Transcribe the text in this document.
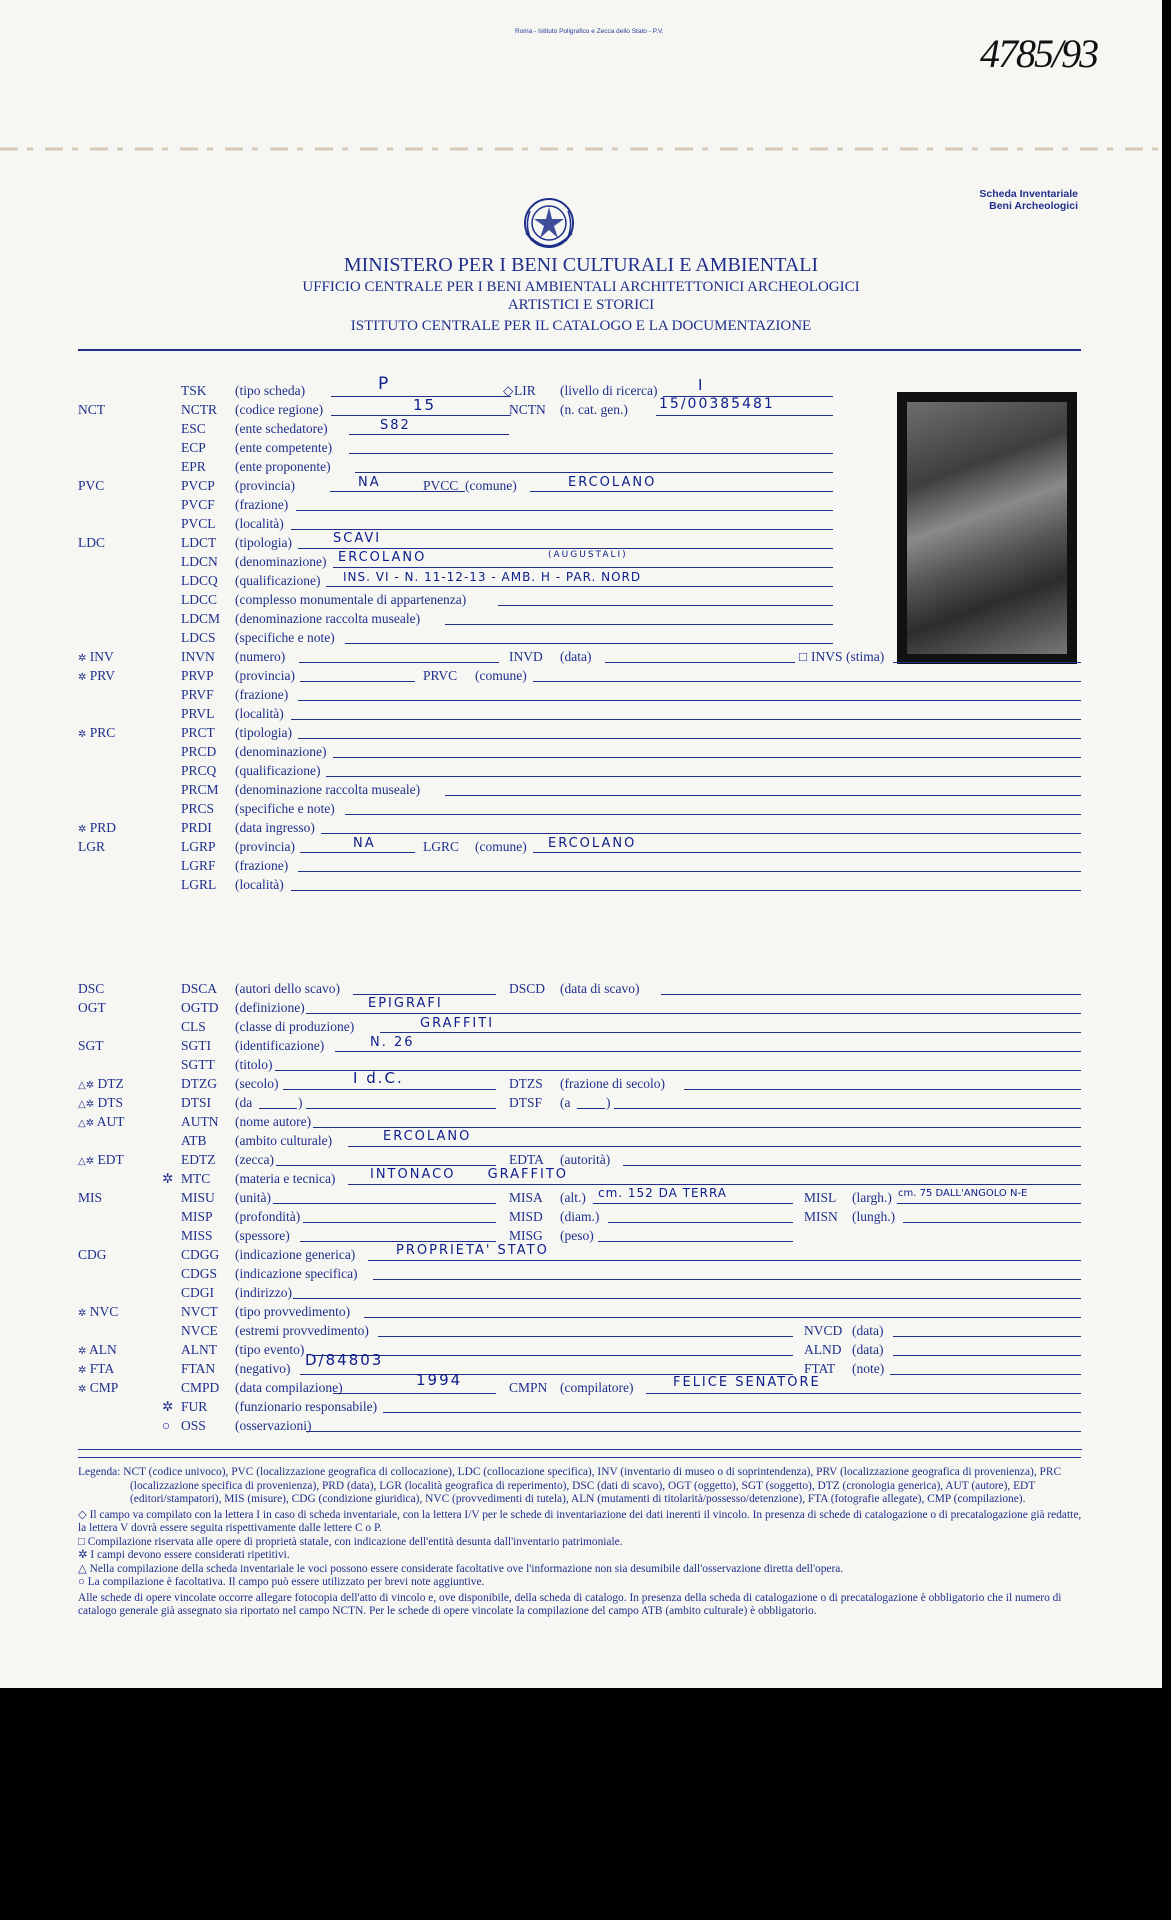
Roma - Istituto Poligrafico e Zecca dello Stato - P.V.	4785/93
Scheda Inventariale
Beni Archeologici
MINISTERO PER I BENI CULTURALI E AMBIENTALI
UFFICIO CENTRALE PER I BENI AMBIENTALI ARCHITETTONICI ARCHEOLOGICI
ARTISTICI E STORICI
ISTITUTO CENTRALE PER IL CATALOGO E LA DOCUMENTAZIONE
TSK (tipo scheda)	P	◇ LIR (livello di ricerca)	I
NCT	NCTR (codice regione)	15	NCTN (n. cat. gen.) 15/00385481
ESC (ente schedatore)	S82
ECP (ente competente)
EPR (ente proponente)
PVC	PVCP (provincia)	NA	PVCC (comune)	ERCOLANO
PVCF (frazione)
PVCL (località)
LDC	LDCT (tipologia)	SCAVI
LDCN (denominazione) ERCOLANO	(AUGUSTALI)
LDCQ (qualificazione) INS. VI - N. 11-12-13 - AMB. H - PAR. NORD
LDCC (complesso monumentale di appartenenza)
LDCM (denominazione raccolta museale)
LDCS (specifiche e note)
✲ INV	INVN (numero)	INVD (data)	□ INVS (stima)
✲ PRV	PRVP (provincia)	PRVC (comune)
PRVF (frazione)
PRVL (località)
✲ PRC	PRCT (tipologia)
PRCD (denominazione)
PRCQ (qualificazione)
PRCM (denominazione raccolta museale)
PRCS (specifiche e note)
✲ PRD	PRDI (data ingresso)
LGR	LGRP (provincia)	NA	LGRC (comune) ERCOLANO
LGRF (frazione)
LGRL (località)
DSC	DSCA (autori dello scavo)	DSCD (data di scavo)
OGT	OGTD (definizione)	EPIGRAFI
CLS (classe di produzione)	GRAFFITI
SGT	SGTI (identificazione)	N. 26
SGTT (titolo)
△✲ DTZ	DTZG (secolo)	I d.C.	DTZS (frazione di secolo)
△✲ DTS	DTSI (da	)	DTSF (a	)
△✲ AUT	AUTN (nome autore)
ATB (ambito culturale)	ERCOLANO
△✲ EDT	EDTZ (zecca)	EDTA (autorità)
✲ MTC (materia e tecnica)	INTONACO GRAFFITO
MIS	MISU (unità)	MISA (alt.) cm. 152 DA TERRA	MISL (largh.) cm. 75 DALL'ANGOLO N-E
MISP (profondità)	MISD (diam.)	MISN (lungh.)
MISS (spessore)	MISG (peso)
CDG	CDGG (indicazione generica)	PROPRIETA' STATO
CDGS (indicazione specifica)
CDGI (indirizzo)
✲ NVC	NVCT (tipo provvedimento)
NVCE (estremi provvedimento)	NVCD (data)
✲ ALN	ALNT (tipo evento)	ALND (data)
✲ FTA	FTAN (negativo) D/84803	FTAT (note)
✲ CMP	CMPD (data compilazione)	1994	CMPN (compilatore)	FELICE SENATORE
✲ FUR (funzionario responsabile)
○ OSS (osservazioni)

Legenda: NCT (codice univoco), PVC (localizzazione geografica di collocazione), LDC (collocazione specifica), INV (inventario di museo o di soprintendenza), PRV (localizzazione geografica di provenienza), PRC (localizzazione specifica di provenienza), PRD (data), LGR (località geografica di reperimento), DSC (dati di scavo), OGT (oggetto), SGT (soggetto), DTZ (cronologia generica), AUT (autore), EDT (editori/stampatori), MIS (misure), CDG (condizione giuridica), NVC (provvedimenti di tutela), ALN (mutamenti di titolarità/possesso/detenzione), FTA (fotografie allegate), CMP (compilazione).

◇ Il campo va compilato con la lettera I in caso di scheda inventariale, con la lettera I/V per le schede di inventariazione dei dati inerenti il vincolo. In presenza di schede di catalogazione o di precatalogazione già redatte, la lettera V dovrà essere seguita rispettivamente dalle lettere C o P.

□ Compilazione riservata alle opere di proprietà statale, con indicazione dell'entità desunta dall'inventario patrimoniale.

✲ I campi devono essere considerati ripetitivi.

△ Nella compilazione della scheda inventariale le voci possono essere considerate facoltative ove l'informazione non sia desumibile dall'osservazione diretta dell'opera.

○ La compilazione è facoltativa. Il campo può essere utilizzato per brevi note aggiuntive.

Alle schede di opere vincolate occorre allegare fotocopia dell'atto di vincolo e, ove disponibile, della scheda di catalogo. In presenza della scheda di catalogazione o di precatalogazione è obbligatorio che il numero di catalogo generale già assegnato sia riportato nel campo NCTN. Per le schede di opere vincolate la compilazione del campo ATB (ambito culturale) è obbligatorio.
